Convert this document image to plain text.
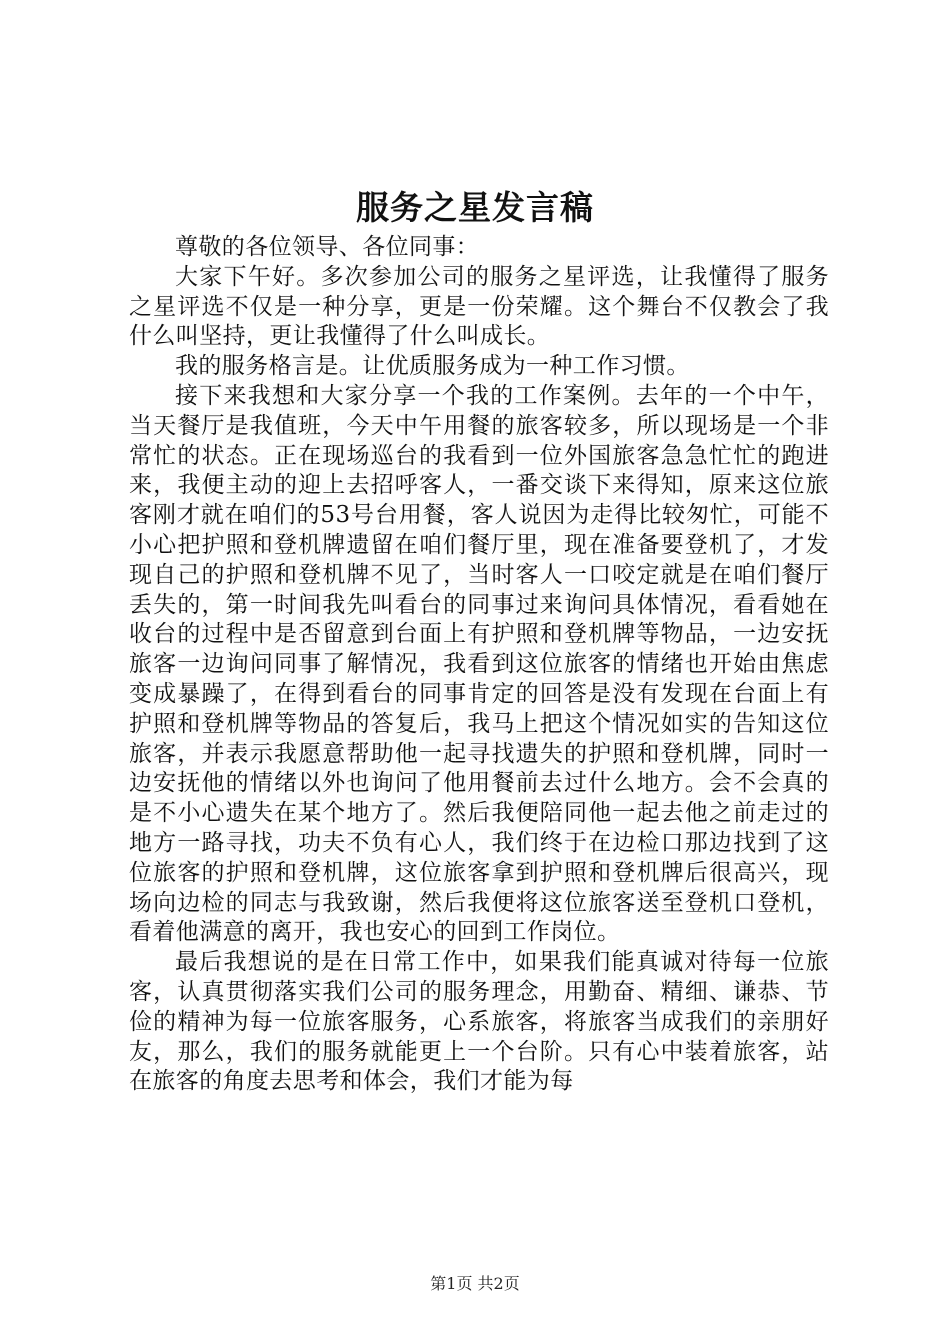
服务之星发言稿

尊敬的各位领导、各位同事：

大家下午好。多次参加公司的服务之星评选，让我懂得了服务之星评选不仅是一种分享，更是一份荣耀。这个舞台不仅教会了我什么叫坚持，更让我懂得了什么叫成长。

我的服务格言是。让优质服务成为一种工作习惯。

接下来我想和大家分享一个我的工作案例。去年的一个中午，当天餐厅是我值班，今天中午用餐的旅客较多，所以现场是一个非常忙的状态。正在现场巡台的我看到一位外国旅客急急忙忙的跑进来，我便主动的迎上去招呼客人，一番交谈下来得知，原来这位旅客刚才就在咱们的53号台用餐，客人说因为走得比较匆忙，可能不小心把护照和登机牌遗留在咱们餐厅里，现在准备要登机了，才发现自己的护照和登机牌不见了，当时客人一口咬定就是在咱们餐厅丢失的，第一时间我先叫看台的同事过来询问具体情况，看看她在收台的过程中是否留意到台面上有护照和登机牌等物品，一边安抚旅客一边询问同事了解情况，我看到这位旅客的情绪也开始由焦虑变成暴躁了，在得到看台的同事肯定的回答是没有发现在台面上有护照和登机牌等物品的答复后，我马上把这个情况如实的告知这位旅客，并表示我愿意帮助他一起寻找遗失的护照和登机牌，同时一边安抚他的情绪以外也询问了他用餐前去过什么地方。会不会真的是不小心遗失在某个地方了。然后我便陪同他一起去他之前走过的地方一路寻找，功夫不负有心人，我们终于在边检口那边找到了这位旅客的护照和登机牌，这位旅客拿到护照和登机牌后很高兴，现场向边检的同志与我致谢，然后我便将这位旅客送至登机口登机，看着他满意的离开，我也安心的回到工作岗位。

最后我想说的是在日常工作中，如果我们能真诚对待每一位旅客，认真贯彻落实我们公司的服务理念，用勤奋、精细、谦恭、节俭的精神为每一位旅客服务，心系旅客，将旅客当成我们的亲朋好友，那么，我们的服务就能更上一个台阶。只有心中装着旅客，站在旅客的角度去思考和体会，我们才能为每

第1页 共2页
